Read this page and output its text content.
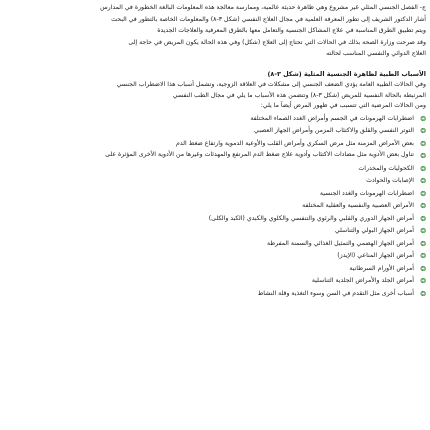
ج- الفصل الجنسي المثلي غير مشروع وهي ظاهرة حديثة عالمية، وممارسة معالجة هذه المعلومات البالغة الخطورة في المدارس

أشار الدكتور الشريف إلى تطور المعرفة العلمية في مجال العلاج النفسي (شكل ٣-٨) والمعلومات الخاصة بالتطور في البحث

ويتم تطبيق الطرق المناسبة في علاج المشاكل الجنسية والتعامل معها بالطرق المعرفية والعلاجات الجديدة

وقد صرحت وزارة الصحة بذلك في الحالات التي تحتاج إلى العلاج (شكل) وفي هذه الحالة يكون المريض في حاجة إلى

العلاج الدوائي والنفسي المناسب لحالته

الأسباب الطبية لظاهرة الجنسية المثلية (شكل ٣-٨)

وفي الحالات الطبية العامة يؤدي الضعف الجنسي إلى مشكلات في العلاقة الزوجية، وتشمل أسباب هذا الاضطراب الجنسي

المرتبطة بالحالة النفسية للمريض (شكل ٣-٨) وتتضمن هذه الأسباب ما يلي في مجال الطب النفسي

ومن الحالات المرضية التي تتسبب في ظهور المرض أيضاً ما يلي:

❂
اضطرابات الهرمونات في الجسم وأمراض الغدد الصماء المختلفة
❂
التوتر النفسي والقلق والاكتئاب المزمن وأمراض الجهاز العصبي
❂
بعض الأمراض المزمنة مثل مرض السكري وأمراض القلب والأوعية الدموية وارتفاع ضغط الدم
❂
تناول بعض الأدوية مثل مضادات الاكتئاب وأدوية علاج ضغط الدم المرتفع والمهدئات وغيرها من الأدوية الأخرى المؤثرة على
❂
الكحوليات والمخدرات
❂
الإصابات والحوادث
❂
اضطرابات الهرمونات والغدد الجنسية
❂
الأمراض العصبية والنفسية والعقلية المختلفة
❂
أمراض الجهاز الدوري والقلبي والرئوي والتنفسي والكلوي والكبدي (الكبد والكلى)
❂
أمراض الجهاز البولي والتناسلي
❂
أمراض الجهاز الهضمي والتمثيل الغذائي والسمنة المفرطة
❂
أمراض الجهاز المناعي (الإيدز)
❂
أمراض الأورام السرطانية
❂
أمراض الجلد والأمراض الجلدية التناسلية
❂
أسباب أخرى مثل التقدم في السن وسوء التغذية وقلة النشاط
